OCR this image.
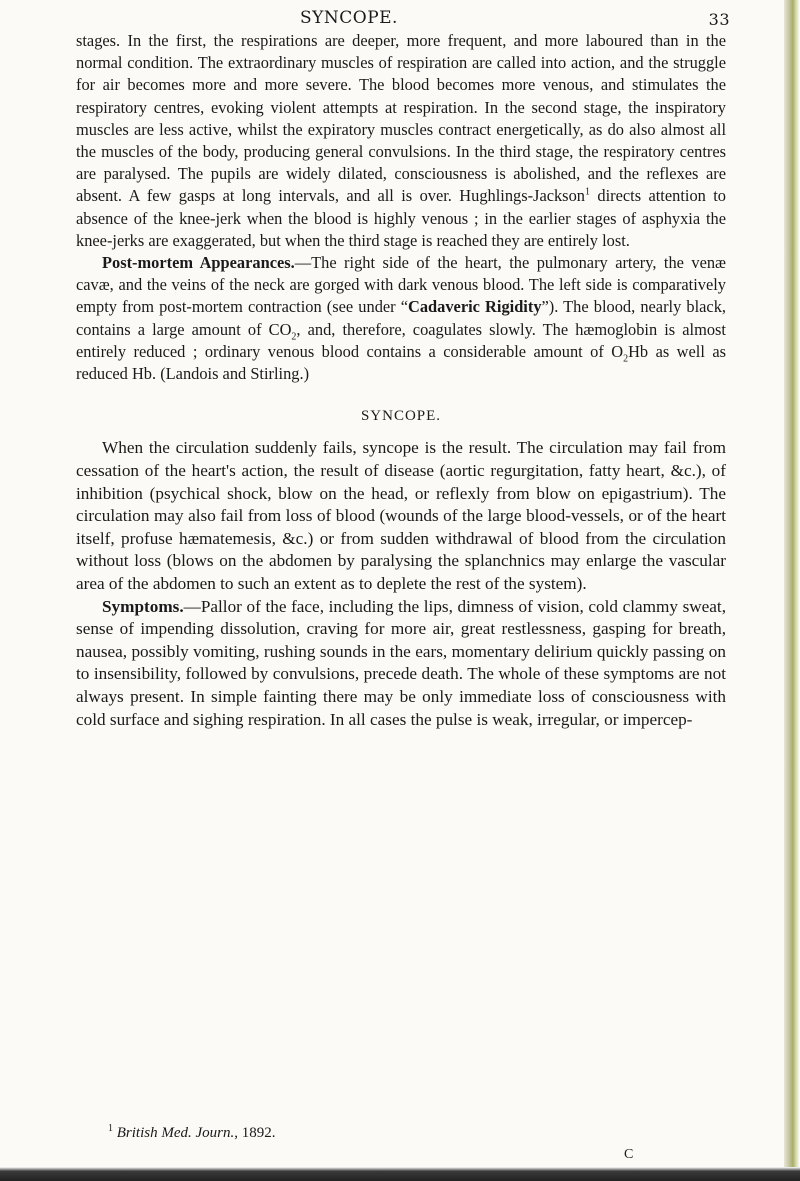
SYNCOPE.	33

stages. In the first, the respirations are deeper, more frequent, and more laboured than in the normal condition. The extraordinary muscles of respiration are called into action, and the struggle for air becomes more and more severe. The blood becomes more venous, and stimulates the respiratory centres, evoking violent attempts at respiration. In the second stage, the inspiratory muscles are less active, whilst the expiratory muscles contract energetically, as do also almost all the muscles of the body, producing general convulsions. In the third stage, the respiratory centres are paralysed. The pupils are widely dilated, consciousness is abolished, and the reflexes are absent. A few gasps at long intervals, and all is over. Hughlings-Jackson$^1$ directs attention to absence of the knee-jerk when the blood is highly venous ; in the earlier stages of asphyxia the knee-jerks are exaggerated, but when the third stage is reached they are entirely lost.

Post-mortem Appearances.—The right side of the heart, the pulmonary artery, the venæ cavæ, and the veins of the neck are gorged with dark venous blood. The left side is comparatively empty from post-mortem contraction (see under “Cadaveric Rigidity”). The blood, nearly black, contains a large amount of $CO_2$, and, therefore, coagulates slowly. The hæmoglobin is almost entirely reduced ; ordinary venous blood contains a considerable amount of $O_2Hb$ as well as reduced Hb. (Landois and Stirling.)

SYNCOPE.

When the circulation suddenly fails, syncope is the result. The circulation may fail from cessation of the heart's action, the result of disease (aortic regurgitation, fatty heart, &c.), of inhibition (psychical shock, blow on the head, or reflexly from blow on epigastrium). The circulation may also fail from loss of blood (wounds of the large blood-vessels, or of the heart itself, profuse hæmatemesis, &c.) or from sudden withdrawal of blood from the circulation without loss (blows on the abdomen by paralysing the splanchnics may enlarge the vascular area of the abdomen to such an extent as to deplete the rest of the system).

Symptoms.—Pallor of the face, including the lips, dimness of vision, cold clammy sweat, sense of impending dissolution, craving for more air, great restlessness, gasping for breath, nausea, possibly vomiting, rushing sounds in the ears, momentary delirium quickly passing on to insensibility, followed by convulsions, precede death. The whole of these symptoms are not always present. In simple fainting there may be only immediate loss of consciousness with cold surface and sighing respiration. In all cases the pulse is weak, irregular, or impercep-

$^1$ British Med. Journ., 1892.
C
